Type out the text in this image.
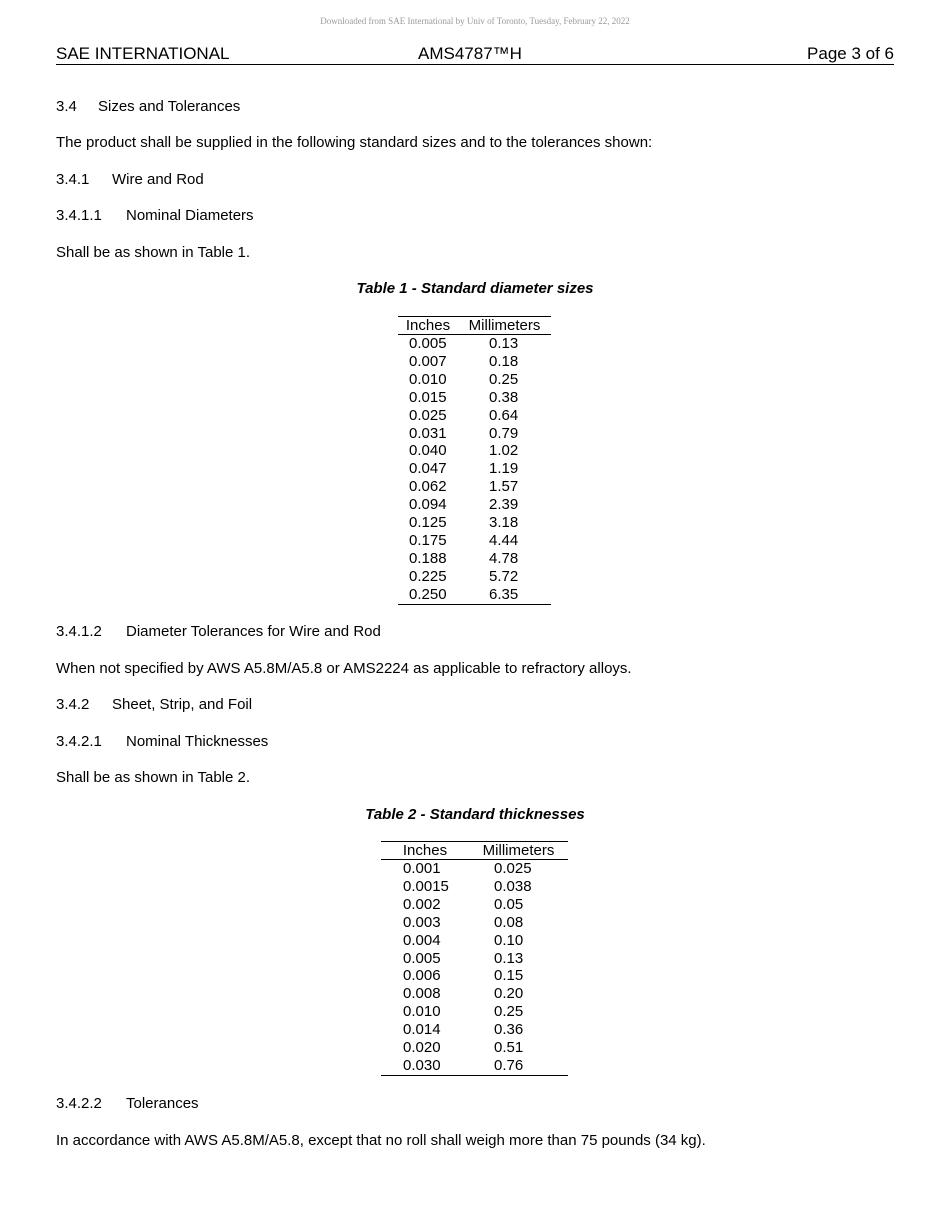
Downloaded from SAE International by Univ of Toronto, Tuesday, February 22, 2022
SAE INTERNATIONAL	AMS4787™H	Page 3 of 6
3.4 Sizes and Tolerances
The product shall be supplied in the following standard sizes and to the tolerances shown:
3.4.1 Wire and Rod
3.4.1.1 Nominal Diameters
Shall be as shown in Table 1.
Table 1 - Standard diameter sizes
Inches	Millimeters
0.005	0.13
0.007	0.18
0.010	0.25
0.015	0.38
0.025	0.64
0.031	0.79
0.040	1.02
0.047	1.19
0.062	1.57
0.094	2.39
0.125	3.18
0.175	4.44
0.188	4.78
0.225	5.72
0.250	6.35
3.4.1.2 Diameter Tolerances for Wire and Rod
When not specified by AWS A5.8M/A5.8 or AMS2224 as applicable to refractory alloys.
3.4.2 Sheet, Strip, and Foil
3.4.2.1 Nominal Thicknesses
Shall be as shown in Table 2.
Table 2 - Standard thicknesses
Inches	Millimeters
0.001	0.025
0.0015	0.038
0.002	0.05
0.003	0.08
0.004	0.10
0.005	0.13
0.006	0.15
0.008	0.20
0.010	0.25
0.014	0.36
0.020	0.51
0.030	0.76
3.4.2.2 Tolerances
In accordance with AWS A5.8M/A5.8, except that no roll shall weigh more than 75 pounds (34 kg).
